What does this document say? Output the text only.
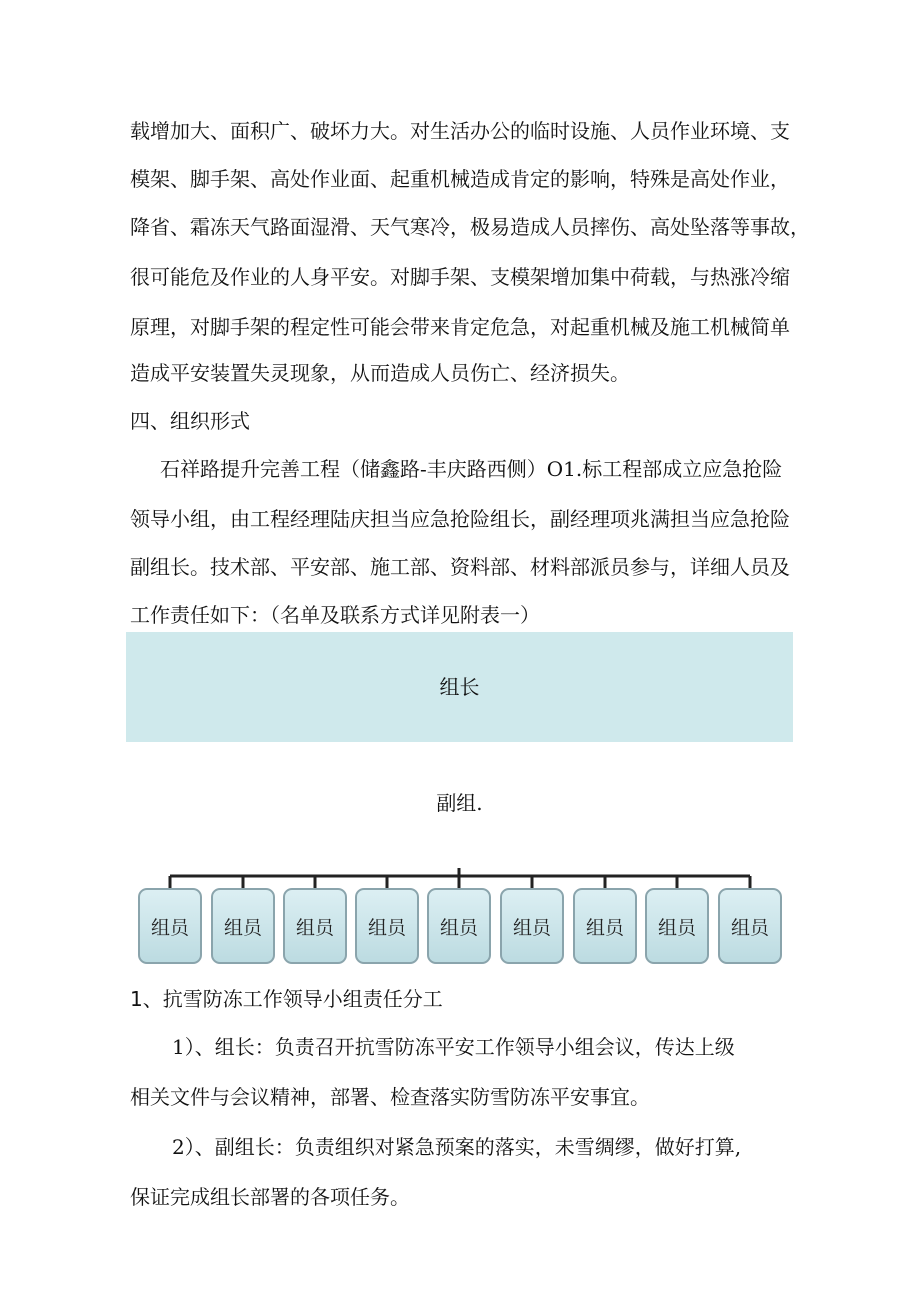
载增加大、面积广、破坏力大。对生活办公的临时设施、人员作业环境、支
模架、脚手架、高处作业面、起重机械造成肯定的影响，特殊是高处作业，
降省、霜冻天气路面湿滑、天气寒冷，极易造成人员摔伤、高处坠落等事故，
很可能危及作业的人身平安。对脚手架、支模架增加集中荷载，与热涨冷缩
原理，对脚手架的程定性可能会带来肯定危急，对起重机械及施工机械简单
造成平安装置失灵现象，从而造成人员伤亡、经济损失。
四、组织形式
石祥路提升完善工程（储鑫路-丰庆路西侧）O1.标工程部成立应急抢险
领导小组，由工程经理陆庆担当应急抢险组长，副经理项兆满担当应急抢险
副组长。技术部、平安部、施工部、资料部、材料部派员参与，详细人员及
工作责任如下：（名单及联系方式详见附表一）
组长
副组.
组员	组员	组员	组员	组员	组员	组员	组员	组员
1、抗雪防冻工作领导小组责任分工
1）、组长：负责召开抗雪防冻平安工作领导小组会议，传达上级
相关文件与会议精神，部署、检查落实防雪防冻平安事宜。
2）、副组长：负责组织对紧急预案的落实，未雪绸缪，做好打算,
保证完成组长部署的各项任务。
